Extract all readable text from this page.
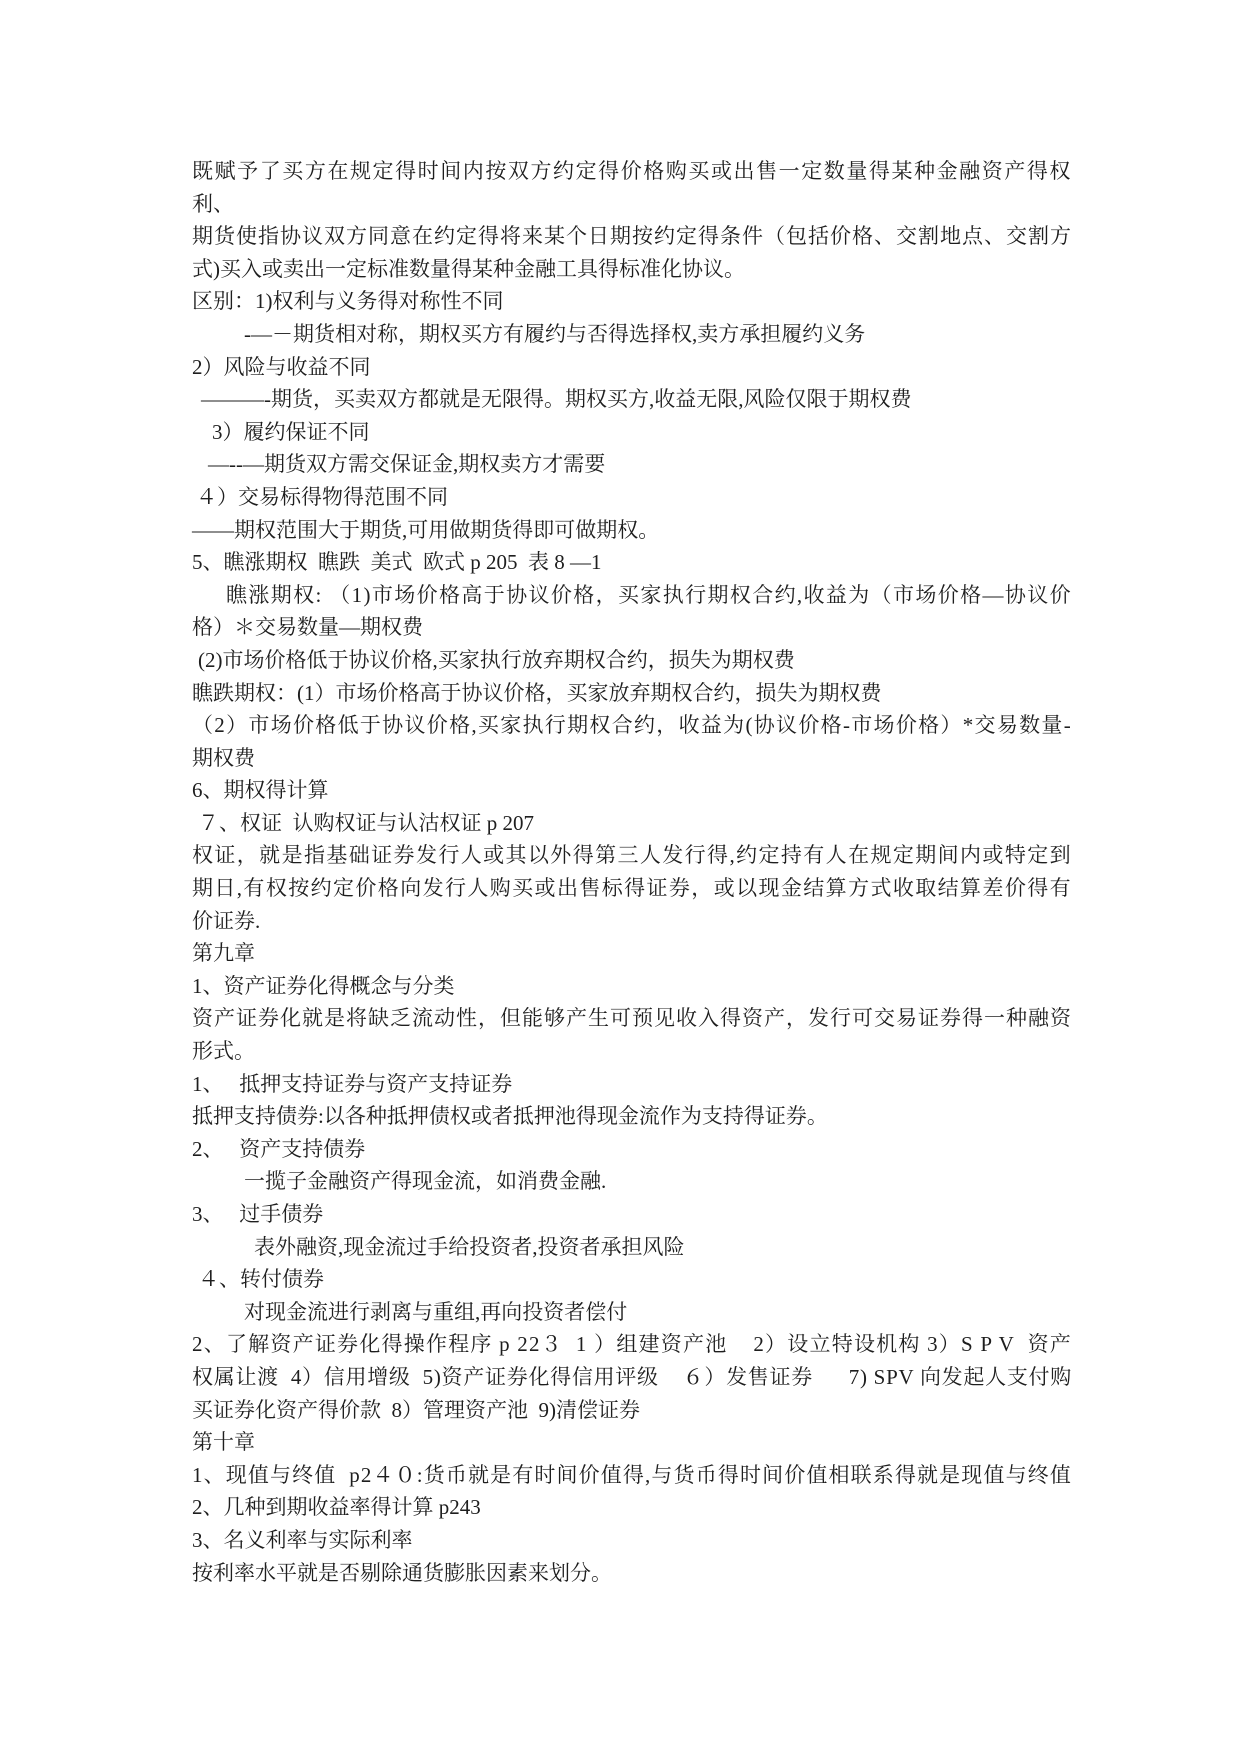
既赋予了买方在规定得时间内按双方约定得价格购买或出售一定数量得某种金融资产得权
利、
期货使指协议双方同意在约定得将来某个日期按约定得条件（包括价格、交割地点、交割方
式)买入或卖出一定标准数量得某种金融工具得标准化协议。
区别：1)权利与义务得对称性不同
-—－期货相对称，期权买方有履约与否得选择权,卖方承担履约义务
2）风险与收益不同
———-期货，买卖双方都就是无限得。期权买方,收益无限,风险仅限于期权费
3）履约保证不同
—--—期货双方需交保证金,期权卖方才需要
４）交易标得物得范围不同
——期权范围大于期货,可用做期货得即可做期权。
5、瞧涨期权  瞧跌  美式  欧式 p 205  表 8 —1
瞧涨期权: （1)市场价格高于协议价格，买家执行期权合约,收益为（市场价格—协议价
格）＊交易数量—期权费
(2)市场价格低于协议价格,买家执行放弃期权合约，损失为期权费
瞧跌期权：(1）市场价格高于协议价格，买家放弃期权合约，损失为期权费
（2）市场价格低于协议价格,买家执行期权合约，收益为(协议价格-市场价格）*交易数量-
期权费
6、期权得计算
７、权证  认购权证与认沽权证 p 207
权证，就是指基础证券发行人或其以外得第三人发行得,约定持有人在规定期间内或特定到
期日,有权按约定价格向发行人购买或出售标得证券，或以现金结算方式收取结算差价得有
价证券.
第九章
1、资产证券化得概念与分类
资产证券化就是将缺乏流动性，但能够产生可预见收入得资产，发行可交易证券得一种融资
形式。
1、   抵押支持证券与资产支持证券
抵押支持债券:以各种抵押债权或者抵押池得现金流作为支持得证券。
2、   资产支持债券
一揽子金融资产得现金流，如消费金融.
3、   过手债券
表外融资,现金流过手给投资者,投资者承担风险
４、转付债券
对现金流进行剥离与重组,再向投资者偿付
2、了解资产证券化得操作程序 p 22３  1 ）组建资产池    2）设立特设机构 3）S P V  资产
权属让渡  4）信用增级  5)资产证券化得信用评级    ６）发售证券      7) SPV 向发起人支付购
买证券化资产得价款  8）管理资产池  9)清偿证券
第十章
1、现值与终值  p2４０:货币就是有时间价值得,与货币得时间价值相联系得就是现值与终值
2、几种到期收益率得计算 p243
3、名义利率与实际利率
按利率水平就是否剔除通货膨胀因素来划分。
